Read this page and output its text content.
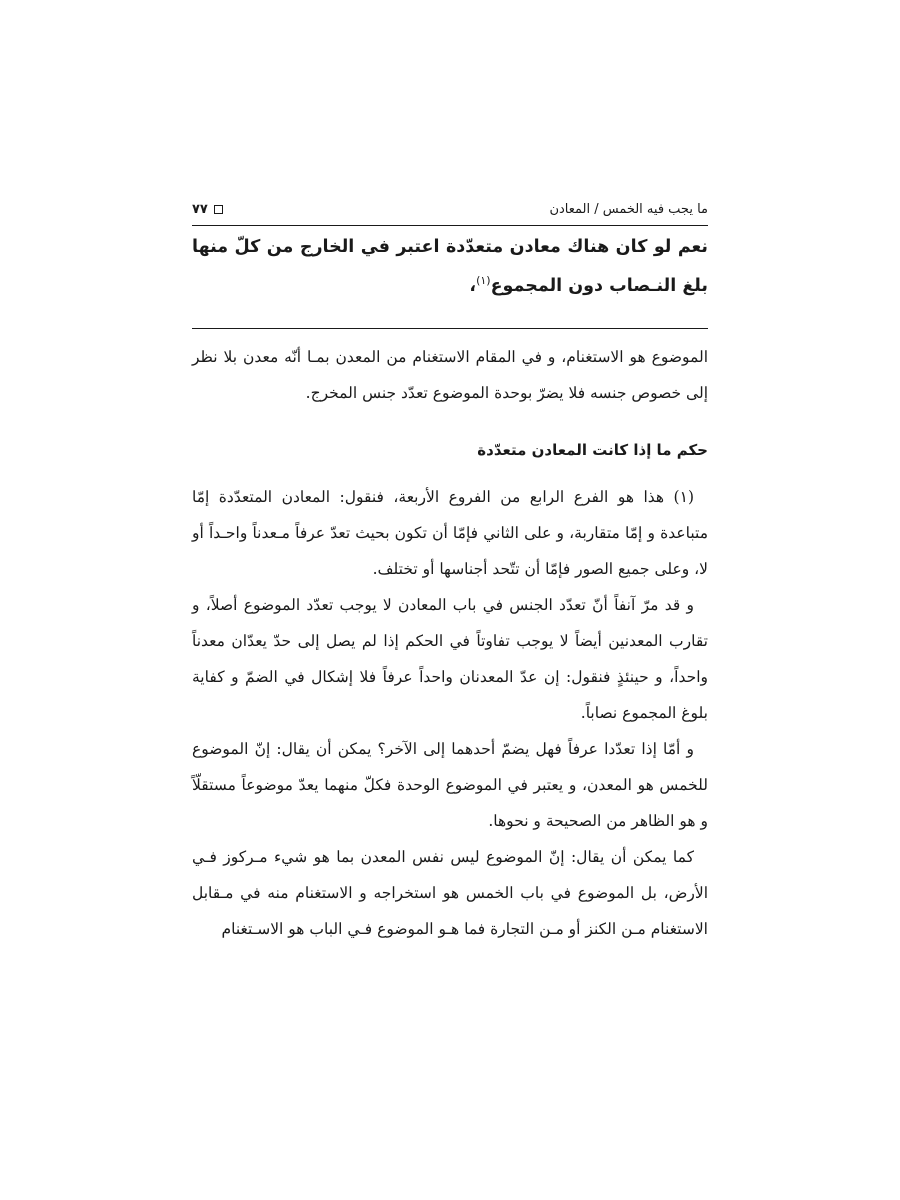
ما يجب فيه الخمس / المعادن
٧٧
نعم لو كان هناك معادن متعدّدة اعتبر في الخارج من كلّ منها بلغ النـصاب دون المجموع$^{(١)}$،

الموضوع هو الاستغنام، و في المقام الاستغنام من المعدن بمـا أنّه معدن بلا نظر إلى خصوص جنسه فلا يضرّ بوحدة الموضوع تعدّد جنس المخرج.

حكم ما إذا كانت المعادن متعدّدة

(١) هذا هو الفرع الرابع من الفروع الأربعة، فنقول: المعادن المتعدّدة إمّا متباعدة و إمّا متقاربة، و على الثاني فإمّا أن تكون بحيث تعدّ عرفاً مـعدناً واحـداً أو لا، وعلى جميع الصور فإمّا أن تتّحد أجناسها أو تختلف.

و قد مرّ آنفاً أنّ تعدّد الجنس في باب المعادن لا يوجب تعدّد الموضوع أصلاً، و تقارب المعدنين أيضاً لا يوجب تفاوتاً في الحكم إذا لم يصل إلى حدّ يعدّان معدناً واحداً، و حينئذٍ فنقول: إن عدّ المعدنان واحداً عرفاً فلا إشكال في الضمّ و كفاية بلوغ المجموع نصاباً.

و أمّا إذا تعدّدا عرفاً فهل يضمّ أحدهما إلى الآخر؟ يمكن أن يقال: إنّ الموضوع للخمس هو المعدن، و يعتبر في الموضوع الوحدة فكلّ منهما يعدّ موضوعاً مستقلّاً و هو الظاهر من الصحيحة و نحوها.

كما يمكن أن يقال: إنّ الموضوع ليس نفس المعدن بما هو شيء مـركوز فـي الأرض، بل الموضوع في باب الخمس هو استخراجه و الاستغنام منه في مـقابل الاستغنام مـن الكنز أو مـن التجارة فما هـو الموضوع فـي الباب هو الاسـتغنام
